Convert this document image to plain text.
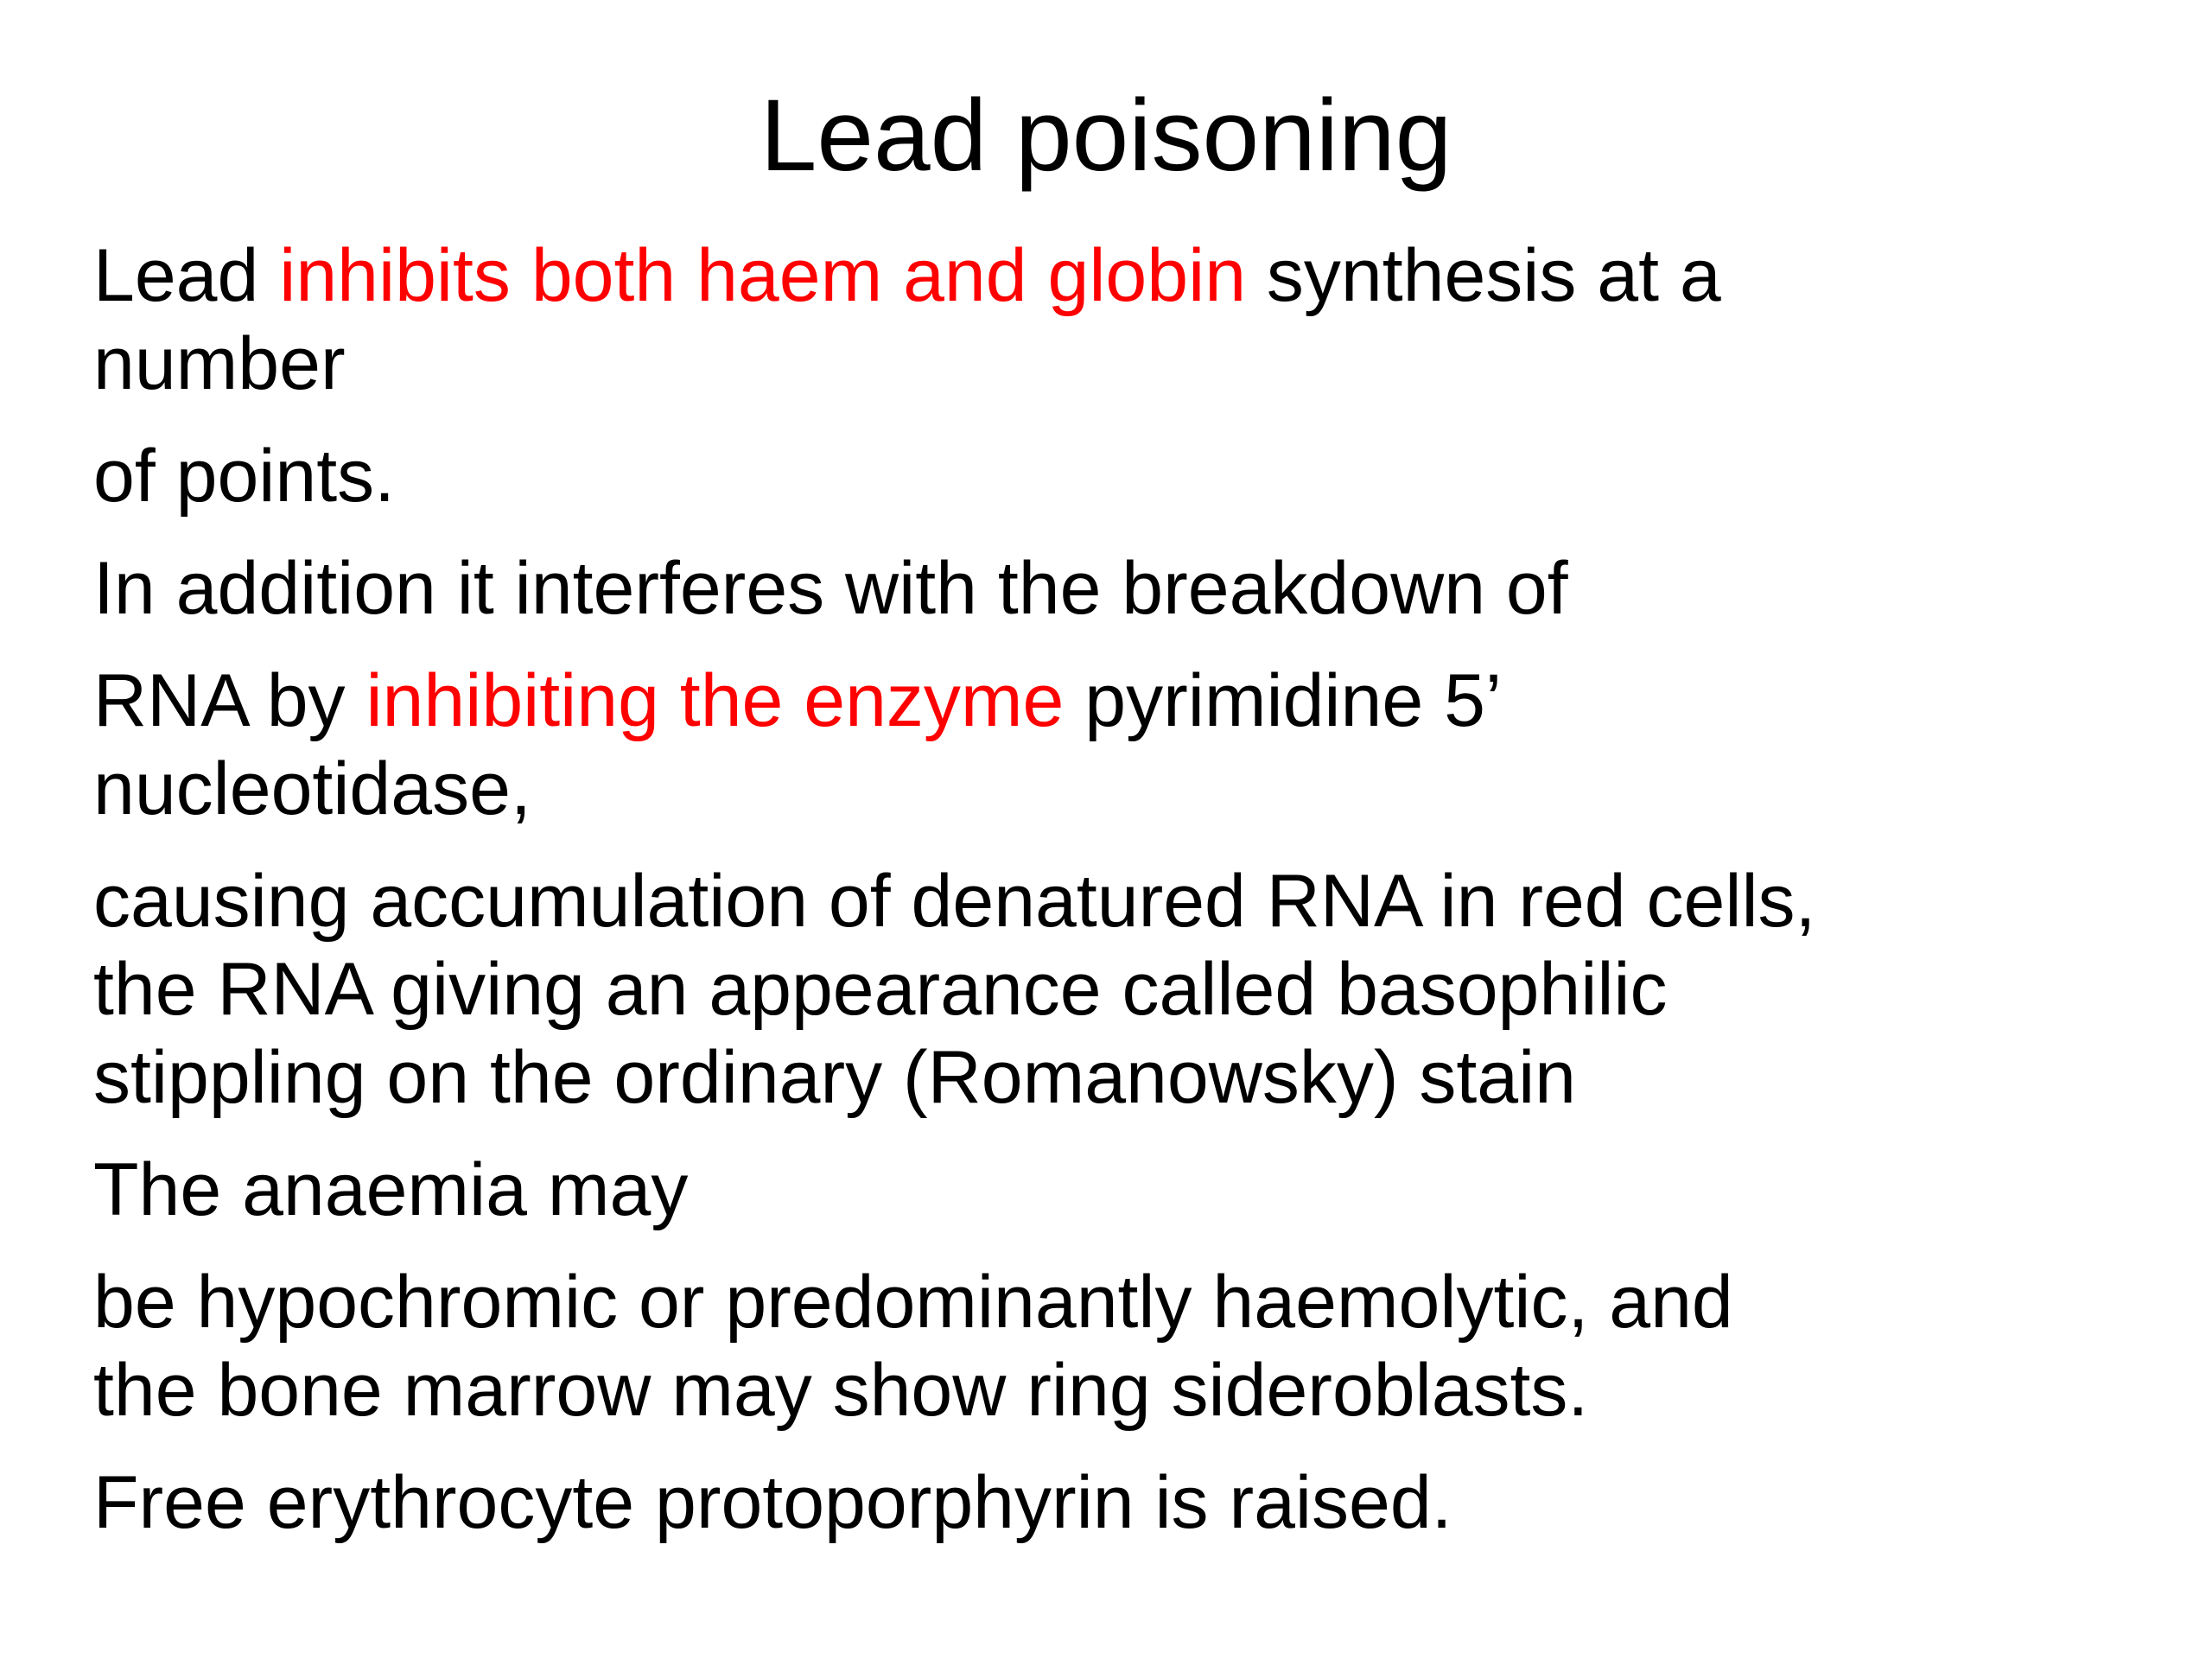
Lead poisoning
Lead inhibits both haem and globin synthesis at a
number
of points.
In addition it interferes with the breakdown of
RNA by inhibiting the enzyme pyrimidine 5’
nucleotidase,
causing accumulation of denatured RNA in red cells,
the RNA giving an appearance called basophilic
stippling on the ordinary (Romanowsky) stain
The anaemia may
be hypochromic or predominantly haemolytic, and
the bone marrow may show ring sideroblasts.
Free erythrocyte protoporphyrin is raised.
